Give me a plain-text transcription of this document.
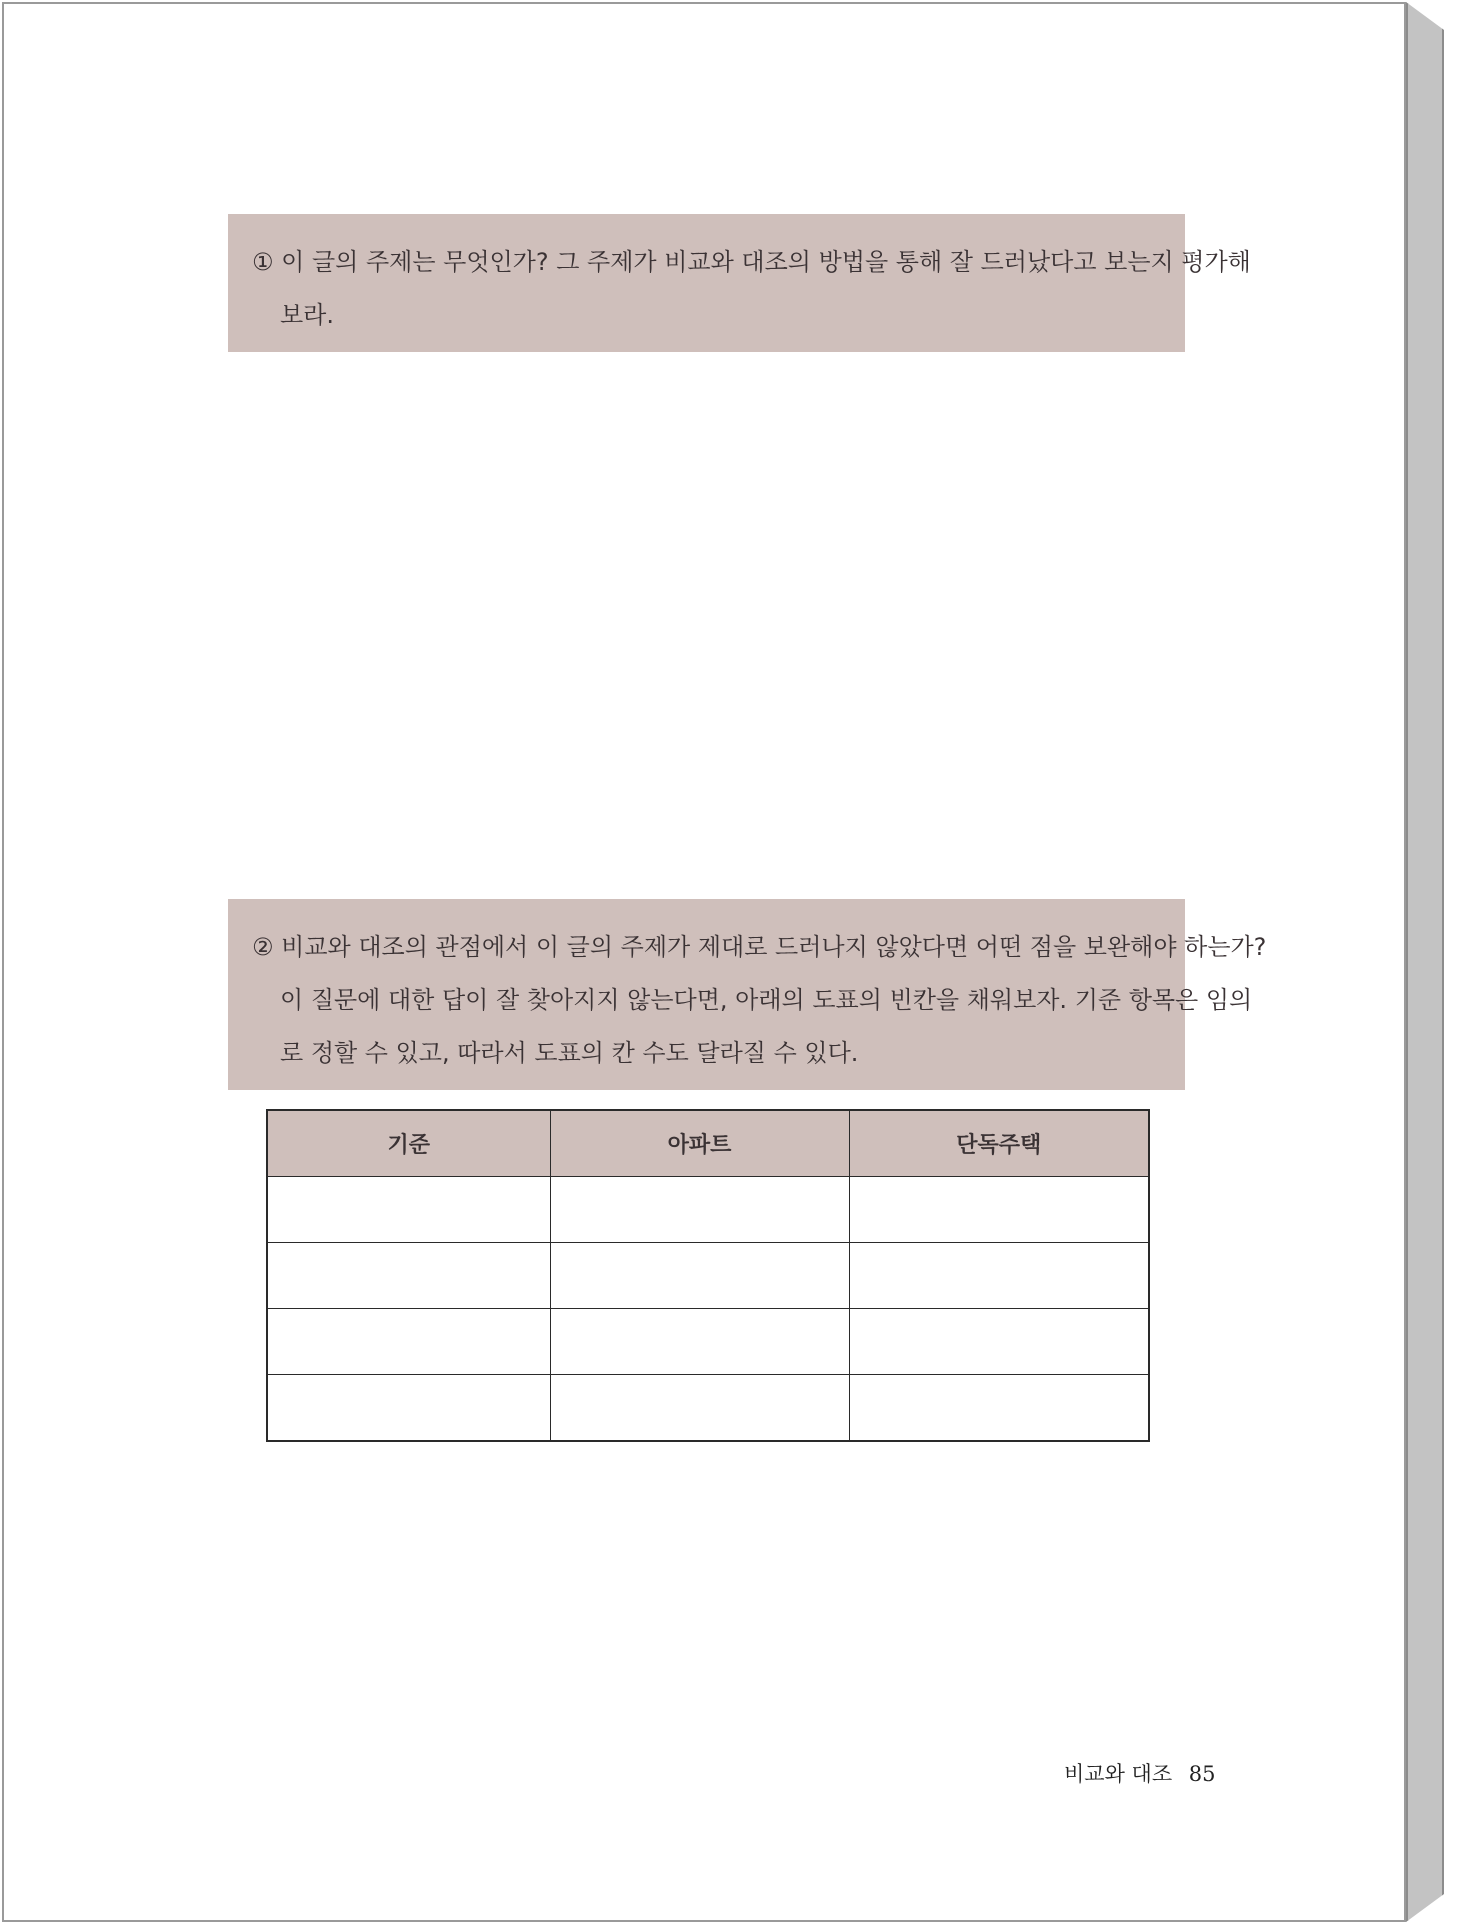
① 이 글의 주제는 무엇인가? 그 주제가 비교와 대조의 방법을 통해 잘 드러났다고 보는지 평가해
보라.
② 비교와 대조의 관점에서 이 글의 주제가 제대로 드러나지 않았다면 어떤 점을 보완해야 하는가?
이 질문에 대한 답이 잘 찾아지지 않는다면, 아래의 도표의 빈칸을 채워보자. 기준 항목은 임의
로 정할 수 있고, 따라서 도표의 칸 수도 달라질 수 있다.
기준	아파트	단독주택

비교와 대조 85
